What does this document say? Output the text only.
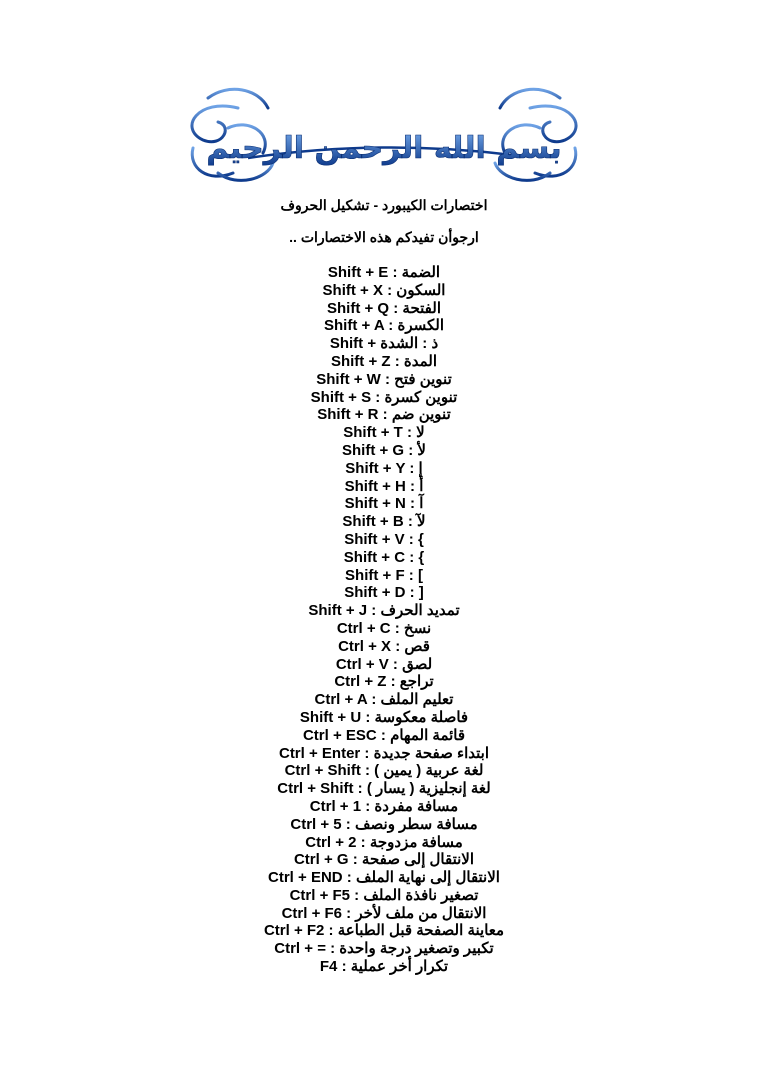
بسم الله الرحمن الرحيم

اختصارات الكيبورد - تشكيل الحروف

ارجوأن تفيدكم هذه الاختصارات ..

Shift + E : الضمة
Shift + X : السكون
Shift + Q : الفتحة
Shift + A : الكسرة
Shift + ذ : الشدة
Shift + Z : المدة
Shift + W : تنوين فتح
Shift + S : تنوين كسرة
Shift + R : تنوين ضم
Shift + T : لا
Shift + G : لأ
Shift + Y : إ
Shift + H : أ
Shift + N : آ
Shift + B : لآ
Shift + V : {
Shift + C : {
Shift + F : [
Shift + D : ]
Shift + J : تمديد الحرف
Ctrl + C : نسخ
Ctrl + X : قص
Ctrl + V : لصق
Ctrl + Z : تراجع
Ctrl + A : تعليم الملف
Shift + U : فاصلة معكوسة
Ctrl + ESC : قائمة المهام
Ctrl + Enter : ابتداء صفحة جديدة
Ctrl + Shift : لغة عربية ( يمين )
Ctrl + Shift : لغة إنجليزية ( يسار )
Ctrl + 1 : مسافة مفردة
Ctrl + 5 : مسافة سطر ونصف
Ctrl + 2 : مسافة مزدوجة
Ctrl + G : الانتقال إلى صفحة
Ctrl + END : الانتقال إلى نهاية الملف
Ctrl + F5 : تصغير نافذة الملف
Ctrl + F6 : الانتقال من ملف لأخر
Ctrl + F2 : معاينة الصفحة قبل الطباعة
Ctrl + = : تكبير وتصغير درجة واحدة
F4 : تكرار أخر عملية
